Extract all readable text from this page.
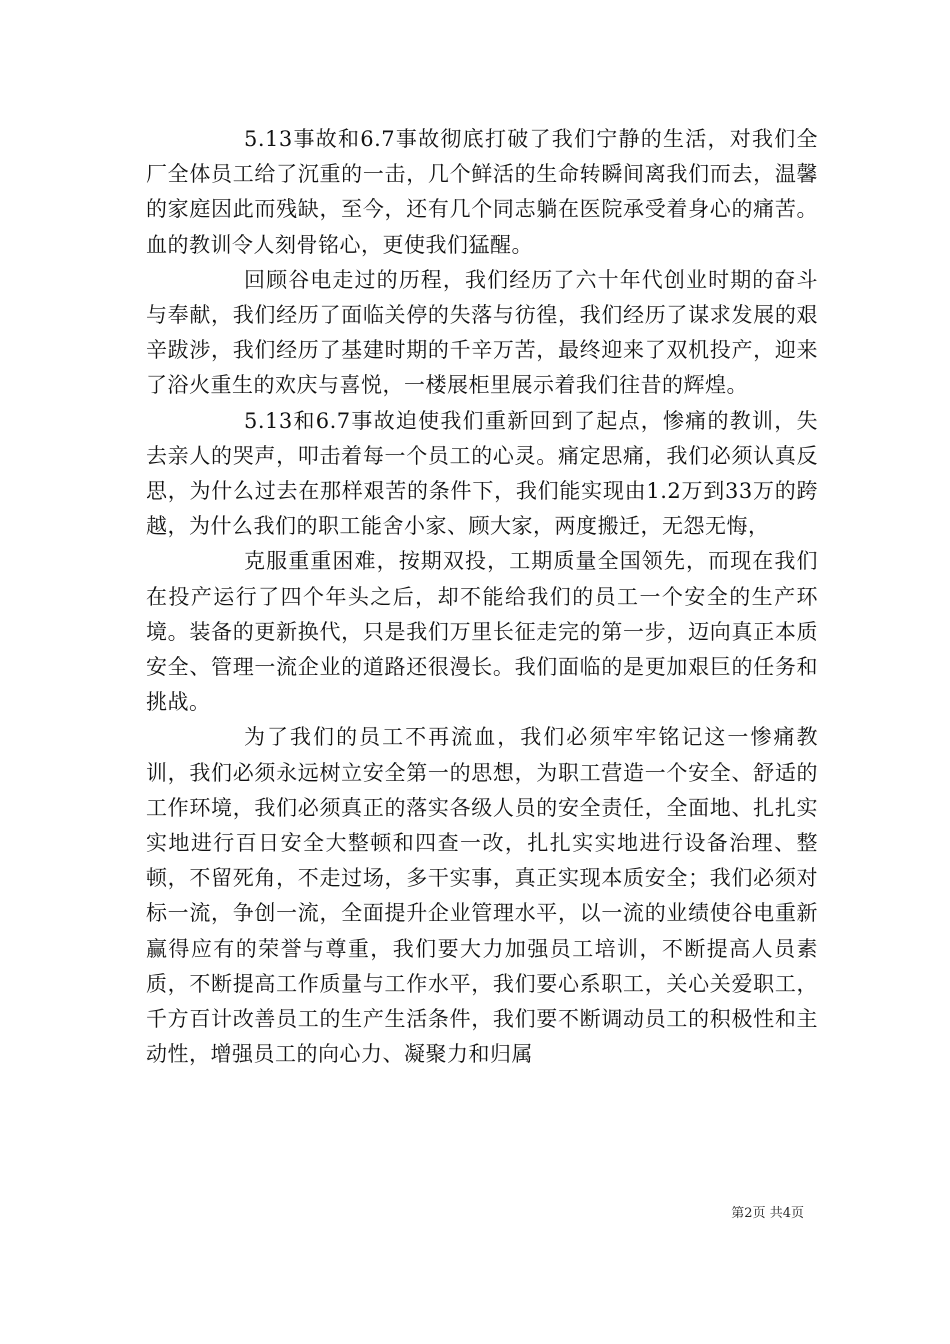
5.13事故和6.7事故彻底打破了我们宁静的生活，对我们全厂全体员工给了沉重的一击，几个鲜活的生命转瞬间离我们而去，温馨的家庭因此而残缺，至今，还有几个同志躺在医院承受着身心的痛苦。血的教训令人刻骨铭心，更使我们猛醒。

回顾谷电走过的历程，我们经历了六十年代创业时期的奋斗与奉献，我们经历了面临关停的失落与彷徨，我们经历了谋求发展的艰辛跋涉，我们经历了基建时期的千辛万苦，最终迎来了双机投产，迎来了浴火重生的欢庆与喜悦，一楼展柜里展示着我们往昔的辉煌。

5.13和6.7事故迫使我们重新回到了起点，惨痛的教训，失去亲人的哭声，叩击着每一个员工的心灵。痛定思痛，我们必须认真反思，为什么过去在那样艰苦的条件下，我们能实现由1.2万到33万的跨越，为什么我们的职工能舍小家、顾大家，两度搬迁，无怨无悔，

克服重重困难，按期双投，工期质量全国领先，而现在我们在投产运行了四个年头之后，却不能给我们的员工一个安全的生产环境。装备的更新换代，只是我们万里长征走完的第一步，迈向真正本质安全、管理一流企业的道路还很漫长。我们面临的是更加艰巨的任务和挑战。

为了我们的员工不再流血，我们必须牢牢铭记这一惨痛教训，我们必须永远树立安全第一的思想，为职工营造一个安全、舒适的工作环境，我们必须真正的落实各级人员的安全责任，全面地、扎扎实实地进行百日安全大整顿和四查一改，扎扎实实地进行设备治理、整顿，不留死角，不走过场，多干实事，真正实现本质安全；我们必须对标一流，争创一流，全面提升企业管理水平，以一流的业绩使谷电重新赢得应有的荣誉与尊重，我们要大力加强员工培训，不断提高人员素质，不断提高工作质量与工作水平，我们要心系职工，关心关爱职工，千方百计改善员工的生产生活条件，我们要不断调动员工的积极性和主动性，增强员工的向心力、凝聚力和归属

第2页 共4页
